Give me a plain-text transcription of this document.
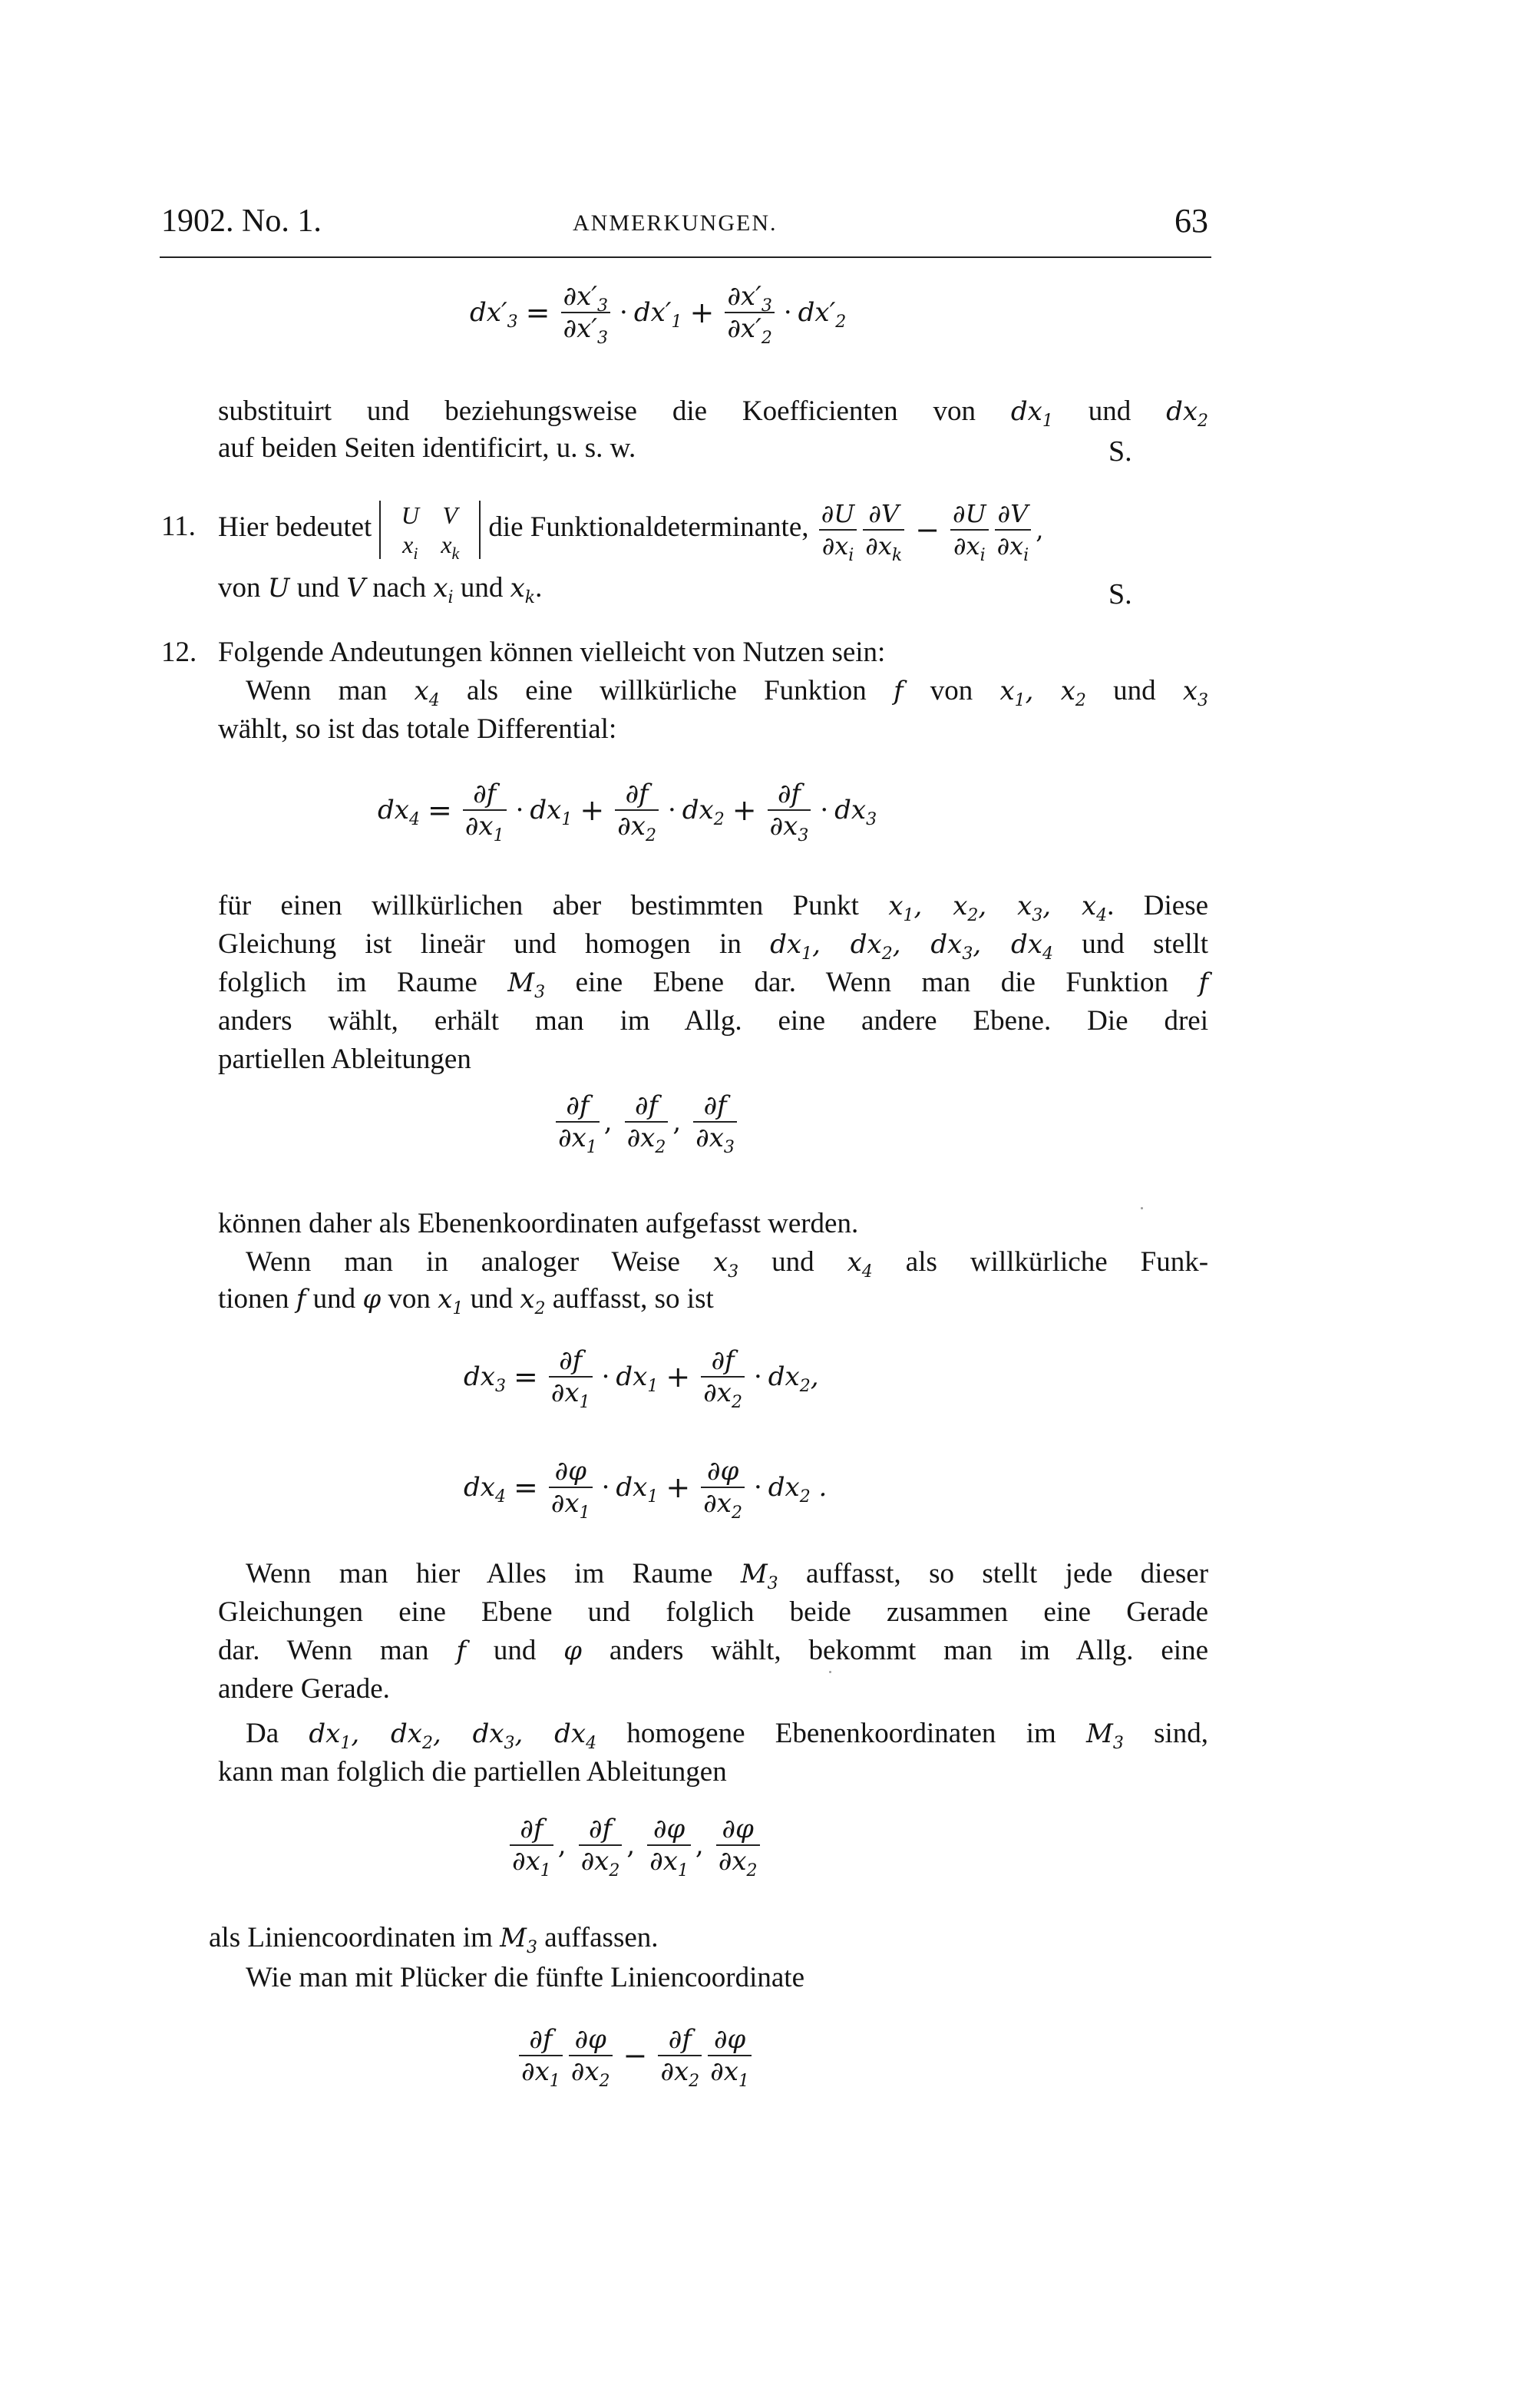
1902. No. 1.	ANMERKUNGEN.	63
$dx'_3 = \frac{\partial x'_3}{\partial x'_3} \cdot dx'_1 + \frac{\partial x'_3}{\partial x'_2} \cdot dx'_2$
substituirt und beziehungsweise die Koefficienten von $dx_1$ und $dx_2$
auf beiden Seiten identificirt, u. s. w.	S.
11. Hier bedeutet U V
$x_i$ $x_kdie$ Funktionaldeterminante, $\frac{\partial U}{\partial x_i} \frac{\partial V}{\partial x_k} - \frac{\partial U}{\partial x_i} \frac{\partial V}{\partial x_i}$ ,
von U und V nach $x_i$ und $x_k$.	S.
12. Folgende Andeutungen können vielleicht von Nutzen sein:
Wenn man $x_4$ als eine willkürliche Funktion f von $x_1$, $x_2$ und $x_3$
wählt, so ist das totale Differential:
$dx_4 = \frac{\partial f}{\partial x_1} \cdot dx_1 + \frac{\partial f}{\partial x_2} \cdot dx_2 + \frac{\partial f}{\partial x_3} \cdot dx_3$
für einen willkürlichen aber bestimmten Punkt $x_1$, $x_2$, $x_3$, $x_4$. Diese
Gleichung ist lineär und homogen in $dx_1$, $dx_2$, $dx_3$, $dx_4$ und stellt
folglich im Raume $M_3$ eine Ebene dar. Wenn man die Funktion f
anders wählt, erhält man im Allg. eine andere Ebene. Die drei
partiellen Ableitungen
$\frac{\partial f}{\partial x_1}$ , $\frac{\partial f}{\partial x_2}$ , $\frac{\partial f}{\partial x_3}$
können daher als Ebenenkoordinaten aufgefasst werden.
Wenn man in analoger Weise $x_3$ und $x_4$ als willkürliche Funk-
tionen f und φ von $x_1$ und $x_2$ auffasst, so ist
$dx_3 = \frac{\partial f}{\partial x_1} \cdot dx_1 + \frac{\partial f}{\partial x_2} \cdot dx_2$,
$dx_4 = \frac{\partial\varphi}{\partial x_1} \cdot dx_1 + \frac{\partial\varphi}{\partial x_2} \cdot dx_2$ .
Wenn man hier Alles im Raume $M_3$ auffasst, so stellt jede dieser
Gleichungen eine Ebene und folglich beide zusammen eine Gerade
dar. Wenn man f und φ anders wählt, bekommt man im Allg. eine
andere Gerade.
Da $dx_1$, $dx_2$, $dx_3$, $dx_4$ homogene Ebenenkoordinaten im $M_3$ sind,
kann man folglich die partiellen Ableitungen
$\frac{\partial f}{\partial x_1}$ , $\frac{\partial f}{\partial x_2}$ , $\frac{\partial\varphi}{\partial x_1}$ , $\frac{\partial\varphi}{\partial x_2}$
als Liniencoordinaten im $M_3$ auffassen.
Wie man mit Plücker die fünfte Liniencoordinate
$\frac{\partial f}{\partial x_1} \frac{\partial\varphi}{\partial x_2} - \frac{\partial f}{\partial x_2} \frac{\partial\varphi}{\partial x_1}$
